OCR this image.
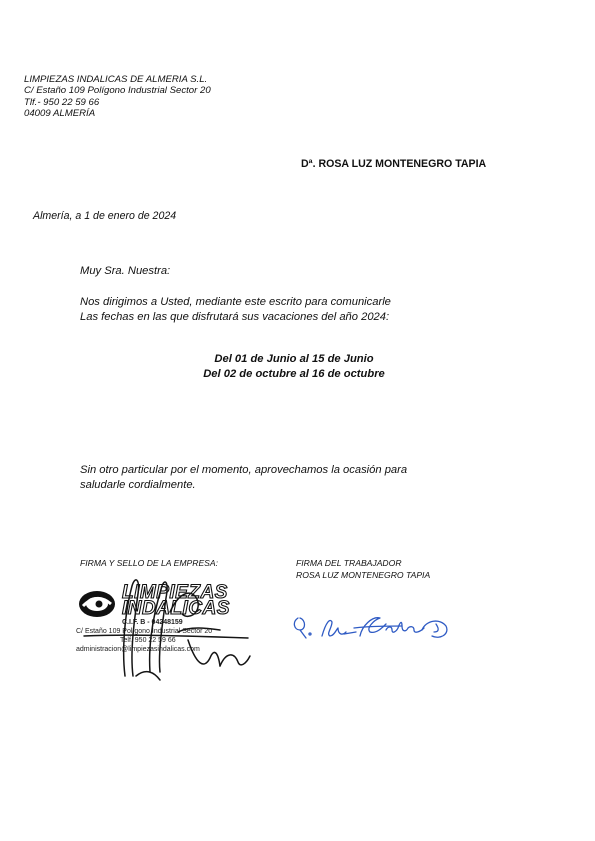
LIMPIEZAS INDALICAS DE ALMERIA S.L.
C/ Estaño 109 Polígono Industrial Sector 20
Tlf.- 950 22 59 66
04009 ALMERÍA
Dª. ROSA LUZ MONTENEGRO TAPIA
Almería, a 1 de enero de 2024
Muy Sra. Nuestra:
Nos dirigimos a Usted, mediante este escrito para comunicarle
Las fechas en las que disfrutará sus vacaciones del año 2024:
Del 01 de Junio al 15 de Junio
Del 02 de octubre al 16 de octubre
Sin otro particular por el momento, aprovechamos la ocasión para
saludarle cordialmente.
FIRMA Y SELLO DE LA EMPRESA:
LIMPIEZAS
INDALICAS
C.I.F. B - 04248159
C/ Estaño 109 Polígono Industrial Sector 20
Telf. 950 22 59 66
administracion@limpiezasindalicas.com
FIRMA DEL TRABAJADOR
ROSA LUZ MONTENEGRO TAPIA
